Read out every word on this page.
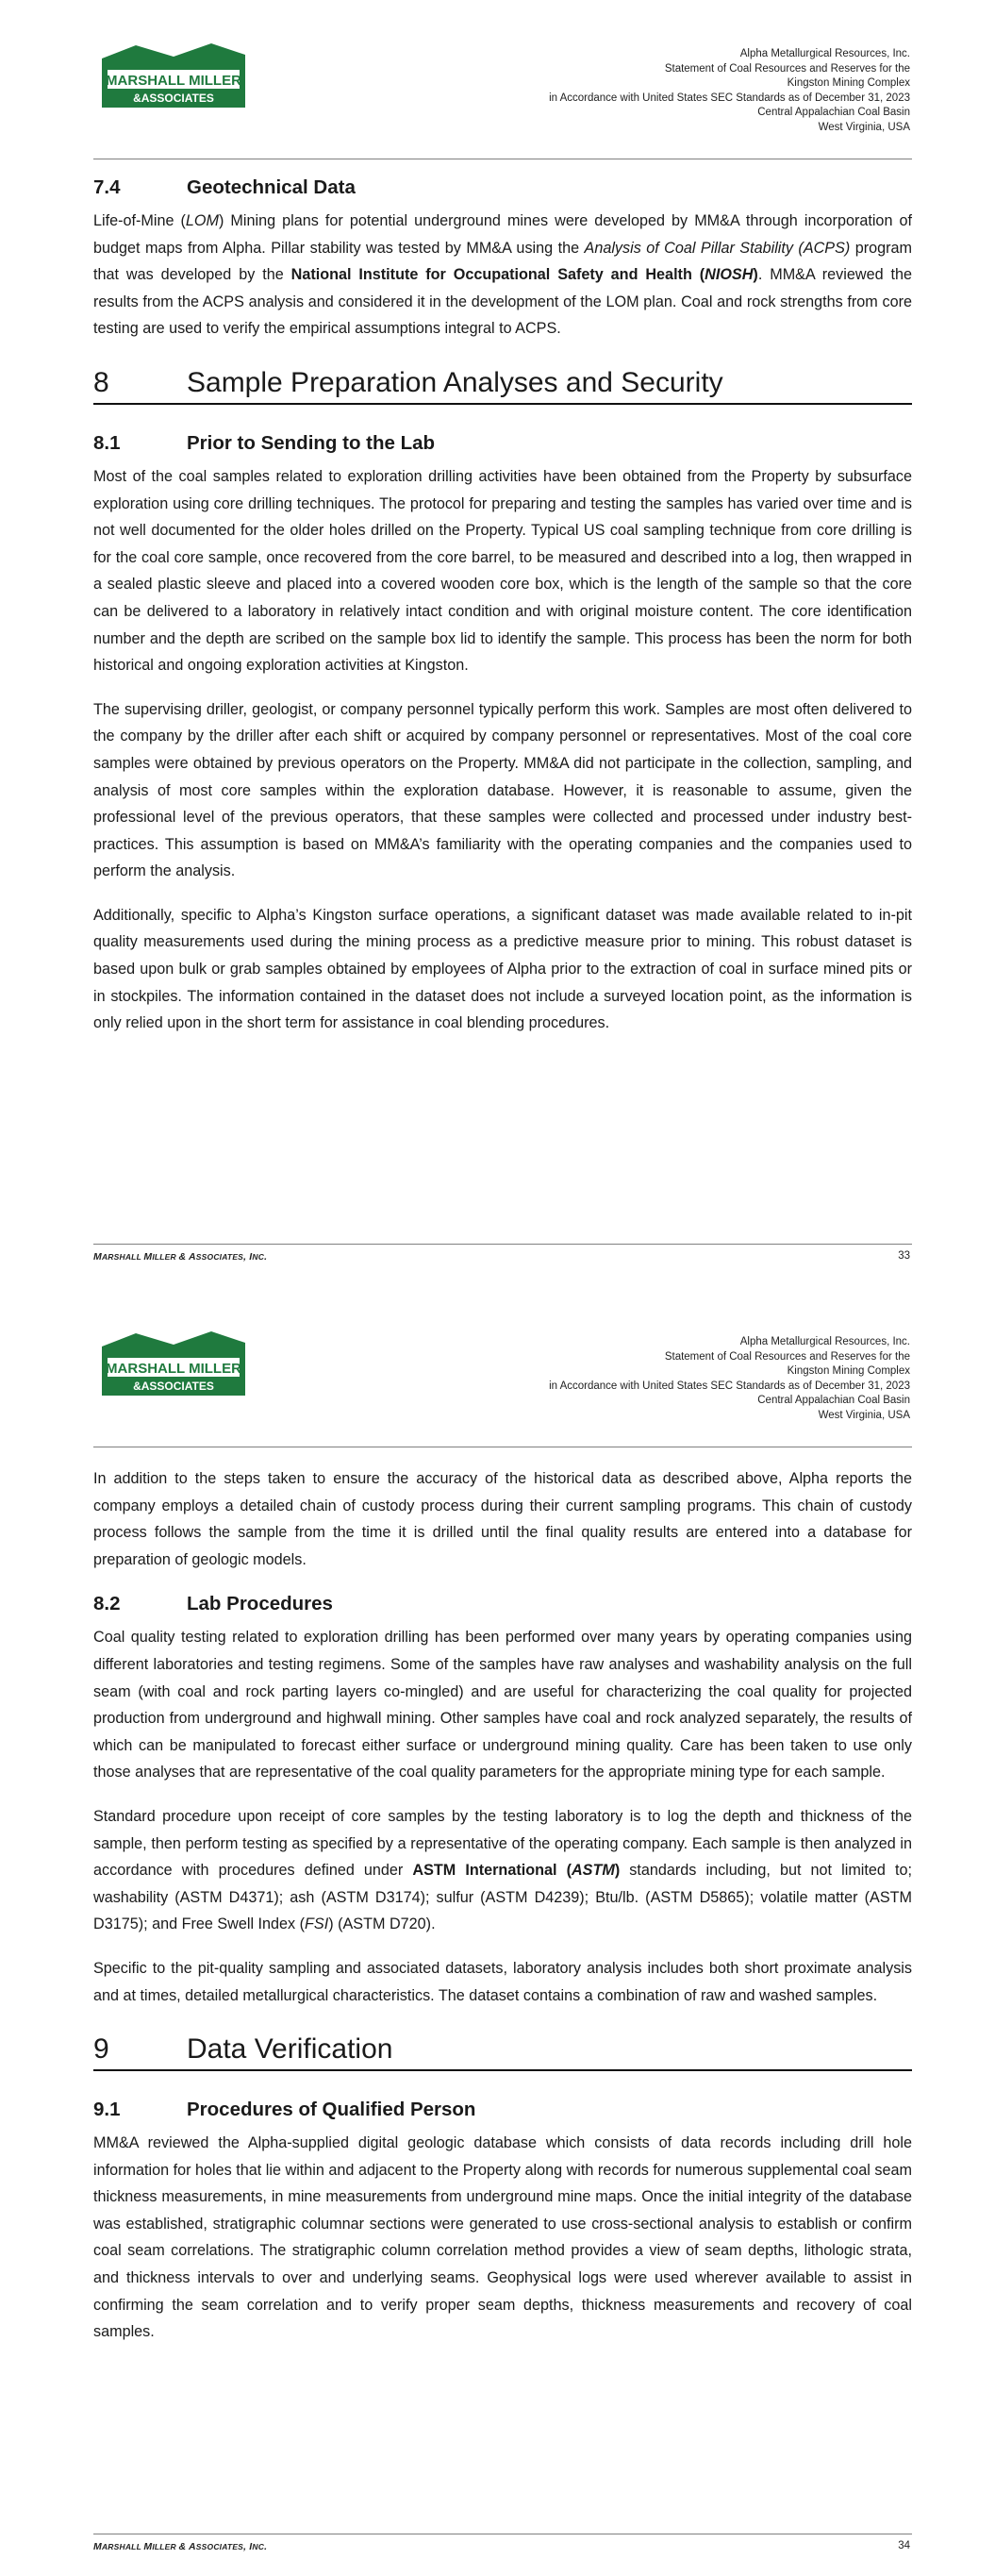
MARSHALL MILLER
&ASSOCIATES
Alpha Metallurgical Resources, Inc.
Statement of Coal Resources and Reserves for the
Kingston Mining Complex
in Accordance with United States SEC Standards as of December 31, 2023
Central Appalachian Coal Basin
West Virginia, USA
7.4	Geotechnical Data

Life-of-Mine (LOM) Mining plans for potential underground mines were developed by MM&A through incorporation of budget maps from Alpha. Pillar stability was tested by MM&A using the Analysis of Coal Pillar Stability (ACPS) program that was developed by the National Institute for Occupational Safety and Health (NIOSH). MM&A reviewed the results from the ACPS analysis and considered it in the development of the LOM plan. Coal and rock strengths from core testing are used to verify the empirical assumptions integral to ACPS.

8	Sample Preparation Analyses and Security
8.1	Prior to Sending to the Lab

Most of the coal samples related to exploration drilling activities have been obtained from the Property by subsurface exploration using core drilling techniques. The protocol for preparing and testing the samples has varied over time and is not well documented for the older holes drilled on the Property. Typical US coal sampling technique from core drilling is for the coal core sample, once recovered from the core barrel, to be measured and described into a log, then wrapped in a sealed plastic sleeve and placed into a covered wooden core box, which is the length of the sample so that the core can be delivered to a laboratory in relatively intact condition and with original moisture content. The core identification number and the depth are scribed on the sample box lid to identify the sample. This process has been the norm for both historical and ongoing exploration activities at Kingston.

The supervising driller, geologist, or company personnel typically perform this work. Samples are most often delivered to the company by the driller after each shift or acquired by company personnel or representatives. Most of the coal core samples were obtained by previous operators on the Property. MM&A did not participate in the collection, sampling, and analysis of most core samples within the exploration database. However, it is reasonable to assume, given the professional level of the previous operators, that these samples were collected and processed under industry best-practices. This assumption is based on MM&A’s familiarity with the operating companies and the companies used to perform the analysis.

Additionally, specific to Alpha’s Kingston surface operations, a significant dataset was made available related to in-pit quality measurements used during the mining process as a predictive measure prior to mining. This robust dataset is based upon bulk or grab samples obtained by employees of Alpha prior to the extraction of coal in surface mined pits or in stockpiles. The information contained in the dataset does not include a surveyed location point, as the information is only relied upon in the short term for assistance in coal blending procedures.

MARSHALL MILLER & ASSOCIATES, INC.	33
MARSHALL MILLER
&ASSOCIATES
Alpha Metallurgical Resources, Inc.
Statement of Coal Resources and Reserves for the
Kingston Mining Complex
in Accordance with United States SEC Standards as of December 31, 2023
Central Appalachian Coal Basin
West Virginia, USA

In addition to the steps taken to ensure the accuracy of the historical data as described above, Alpha reports the company employs a detailed chain of custody process during their current sampling programs. This chain of custody process follows the sample from the time it is drilled until the final quality results are entered into a database for preparation of geologic models.

8.2	Lab Procedures

Coal quality testing related to exploration drilling has been performed over many years by operating companies using different laboratories and testing regimens. Some of the samples have raw analyses and washability analysis on the full seam (with coal and rock parting layers co-mingled) and are useful for characterizing the coal quality for projected production from underground and highwall mining. Other samples have coal and rock analyzed separately, the results of which can be manipulated to forecast either surface or underground mining quality. Care has been taken to use only those analyses that are representative of the coal quality parameters for the appropriate mining type for each sample.

Standard procedure upon receipt of core samples by the testing laboratory is to log the depth and thickness of the sample, then perform testing as specified by a representative of the operating company. Each sample is then analyzed in accordance with procedures defined under ASTM International (ASTM) standards including, but not limited to; washability (ASTM D4371); ash (ASTM D3174); sulfur (ASTM D4239); Btu/lb. (ASTM D5865); volatile matter (ASTM D3175); and Free Swell Index (FSI) (ASTM D720).

Specific to the pit-quality sampling and associated datasets, laboratory analysis includes both short proximate analysis and at times, detailed metallurgical characteristics. The dataset contains a combination of raw and washed samples.

9	Data Verification
9.1	Procedures of Qualified Person

MM&A reviewed the Alpha-supplied digital geologic database which consists of data records including drill hole information for holes that lie within and adjacent to the Property along with records for numerous supplemental coal seam thickness measurements, in mine measurements from underground mine maps. Once the initial integrity of the database was established, stratigraphic columnar sections were generated to use cross-sectional analysis to establish or confirm coal seam correlations. The stratigraphic column correlation method provides a view of seam depths, lithologic strata, and thickness intervals to over and underlying seams. Geophysical logs were used wherever available to assist in confirming the seam correlation and to verify proper seam depths, thickness measurements and recovery of coal samples.

MARSHALL MILLER & ASSOCIATES, INC.	34
